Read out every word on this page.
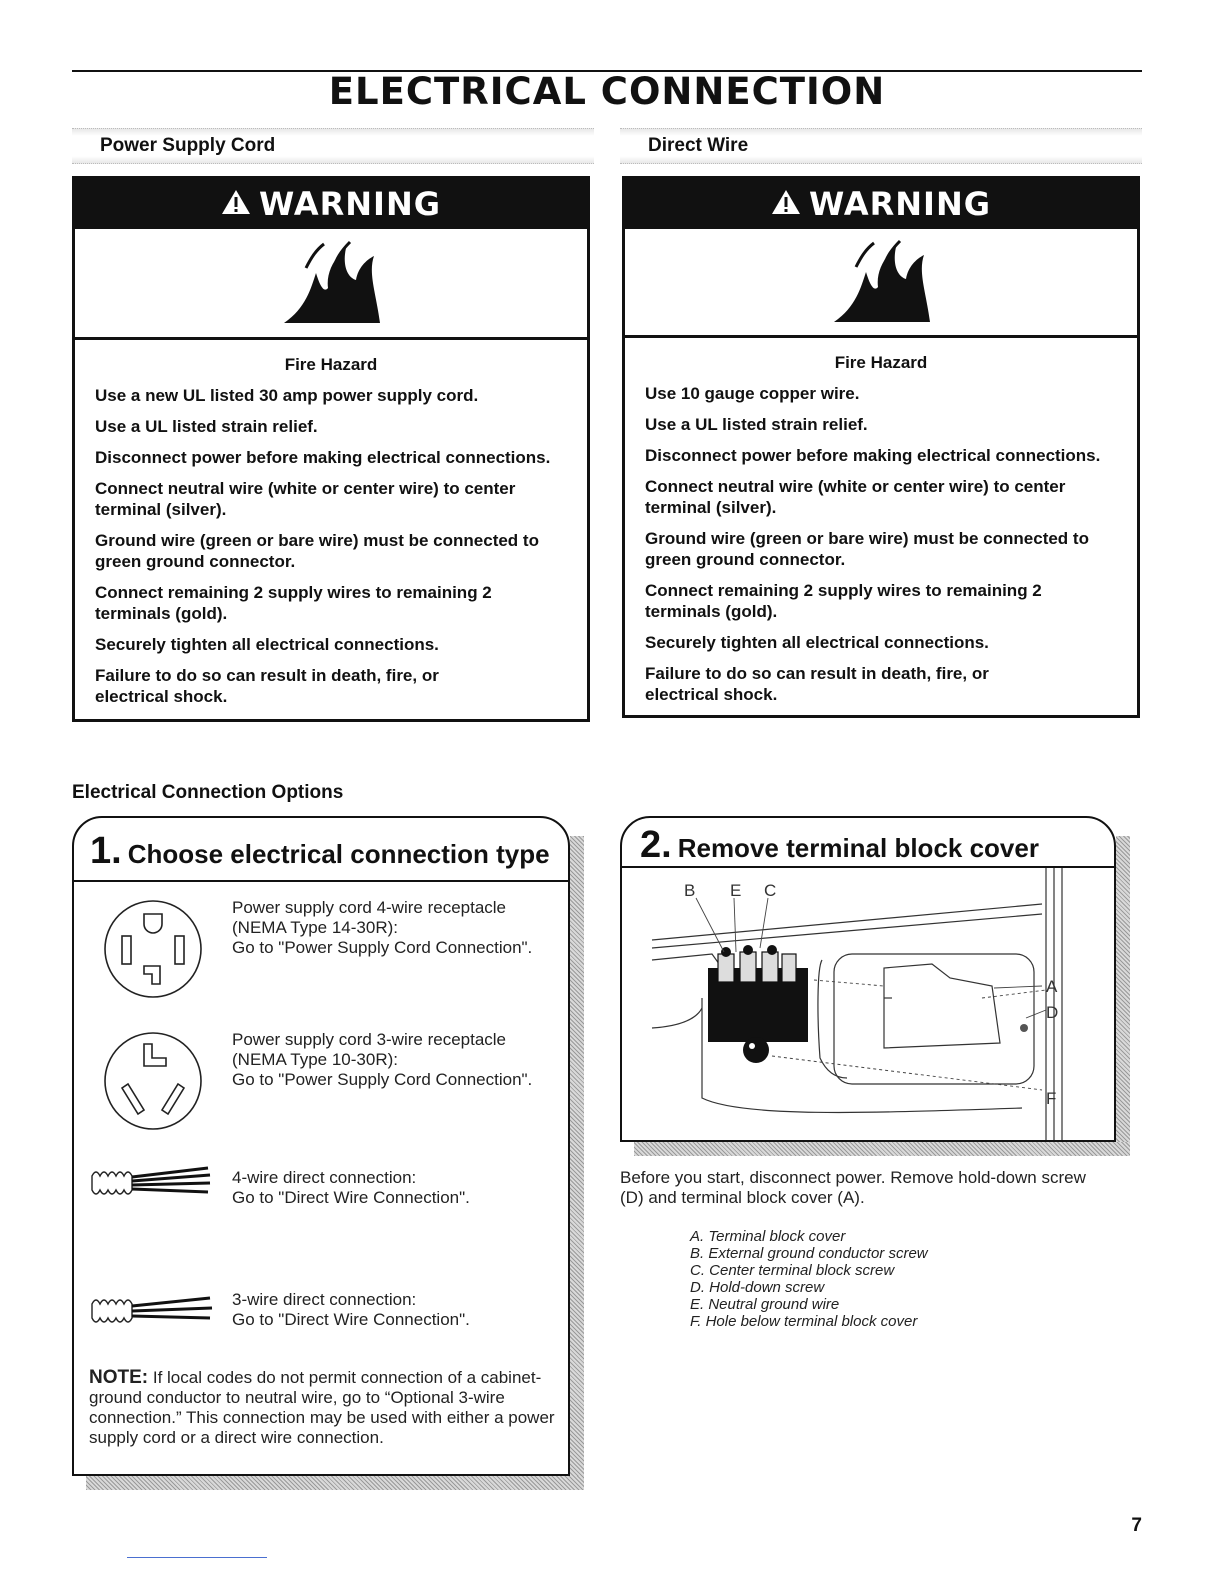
ELECTRICAL CONNECTION
Power Supply Cord	Direct Wire
WARNING
Fire Hazard

Use a new UL listed 30 amp power supply cord.

Use a UL listed strain relief.

Disconnect power before making electrical connections.

Connect neutral wire (white or center wire) to center terminal (silver).

Ground wire (green or bare wire) must be connected to green ground connector.

Connect remaining 2 supply wires to remaining 2 terminals (gold).

Securely tighten all electrical connections.

Failure to do so can result in death, fire, or electrical shock.

WARNING
Fire Hazard

Use 10 gauge copper wire.

Use a UL listed strain relief.

Disconnect power before making electrical connections.

Connect neutral wire (white or center wire) to center terminal (silver).

Ground wire (green or bare wire) must be connected to green ground connector.

Connect remaining 2 supply wires to remaining 2 terminals (gold).

Securely tighten all electrical connections.

Failure to do so can result in death, fire, or electrical shock.

Electrical Connection Options
1. Choose electrical connection type
Power supply cord 4-wire receptacle
(NEMA Type 14-30R):
Go to "Power Supply Cord Connection".
Power supply cord 3-wire receptacle
(NEMA Type 10-30R):
Go to "Power Supply Cord Connection".
4-wire direct connection:
Go to "Direct Wire Connection".
3-wire direct connection:
Go to "Direct Wire Connection".
NOTE: If local codes do not permit connection of a cabinet-ground conductor to neutral wire, go to “Optional 3-wire connection.” This connection may be used with either a power supply cord or a direct wire connection.
2. Remove terminal block cover
B E C
A
D
F
Before you start, disconnect power. Remove hold-down screw (D) and terminal block cover (A).
A. Terminal block cover
B. External ground conductor screw
C. Center terminal block screw
D. Hold-down screw
E. Neutral ground wire
F. Hole below terminal block cover
7
